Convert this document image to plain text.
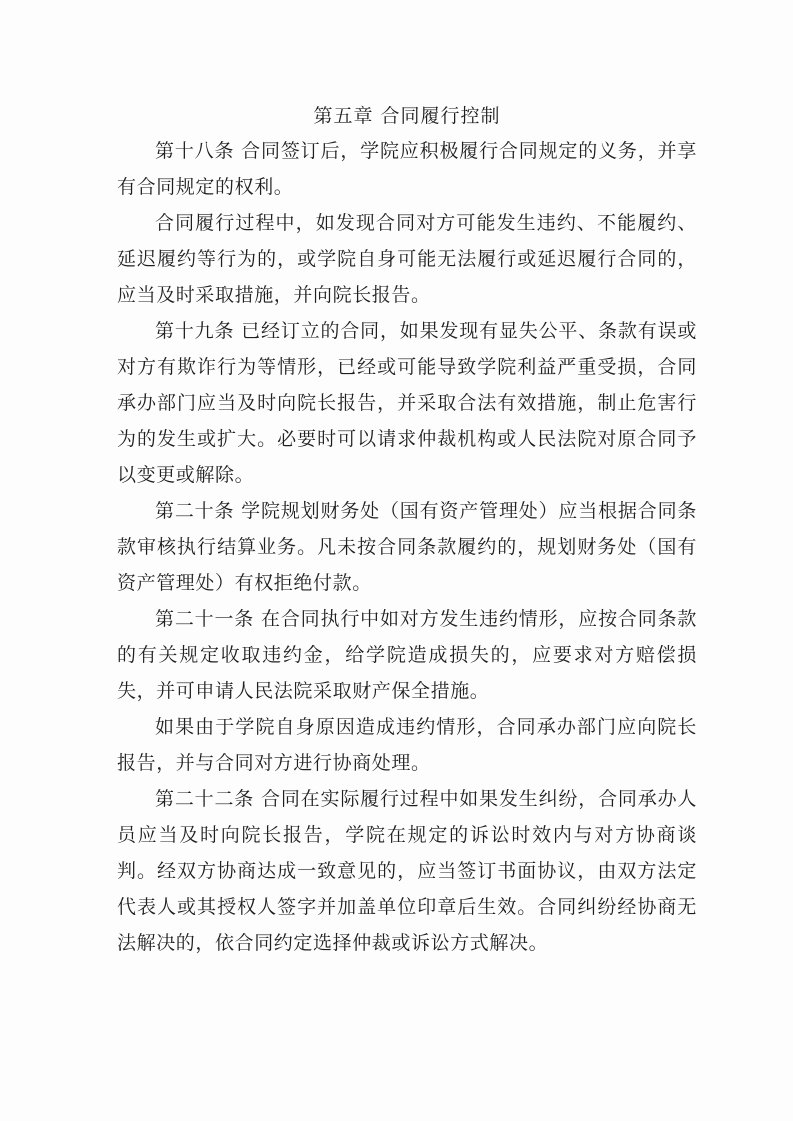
第五章 合同履行控制

第十八条 合同签订后，学院应积极履行合同规定的义务，并享有合同规定的权利。

合同履行过程中，如发现合同对方可能发生违约、不能履约、延迟履约等行为的，或学院自身可能无法履行或延迟履行合同的，应当及时采取措施，并向院长报告。

第十九条 已经订立的合同，如果发现有显失公平、条款有误或对方有欺诈行为等情形，已经或可能导致学院利益严重受损，合同承办部门应当及时向院长报告，并采取合法有效措施，制止危害行为的发生或扩大。必要时可以请求仲裁机构或人民法院对原合同予以变更或解除。

第二十条 学院规划财务处（国有资产管理处）应当根据合同条款审核执行结算业务。凡未按合同条款履约的，规划财务处（国有资产管理处）有权拒绝付款。

第二十一条 在合同执行中如对方发生违约情形，应按合同条款的有关规定收取违约金，给学院造成损失的，应要求对方赔偿损失，并可申请人民法院采取财产保全措施。

如果由于学院自身原因造成违约情形，合同承办部门应向院长报告，并与合同对方进行协商处理。

第二十二条 合同在实际履行过程中如果发生纠纷，合同承办人员应当及时向院长报告，学院在规定的诉讼时效内与对方协商谈判。经双方协商达成一致意见的，应当签订书面协议，由双方法定代表人或其授权人签字并加盖单位印章后生效。合同纠纷经协商无法解决的，依合同约定选择仲裁或诉讼方式解决。
